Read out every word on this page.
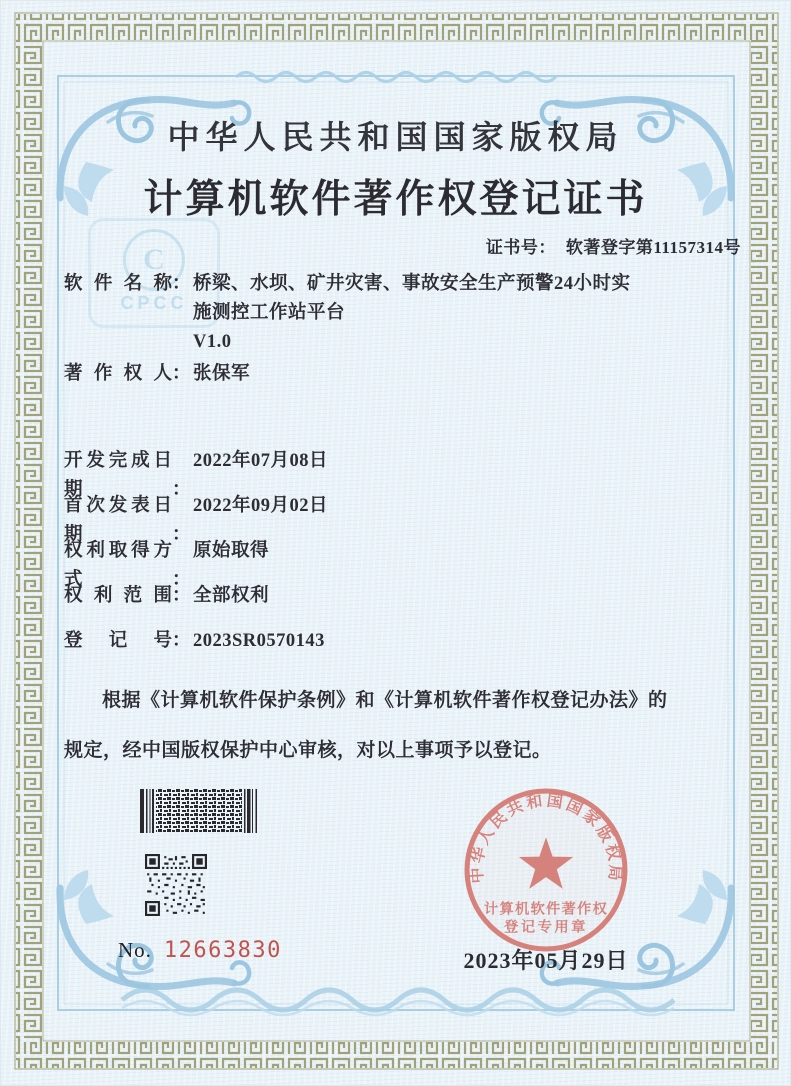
C
CPCC
中华人民共和国国家版权局
计算机软件著作权登记证书
证书号： 软著登字第11157314号
软件名称： 桥梁、水坝、矿井灾害、事故安全生产预警24小时实
施测控工作站平台
V1.0
著作权人： 张保军
开发完成日期	：
2022年07月08日
首次发表日期	：
2022年09月02日
权利取得方式	：
原始取得
权利范围： 全部权利
登记号： 2023SR0570143
根据《计算机软件保护条例》和《计算机软件著作权登记办法》的
规定，经中国版权保护中心审核，对以上事项予以登记。
No. 12663830
中华人民共和国国家版权局
计算机软件著作权
登记专用章
2023年05月29日
